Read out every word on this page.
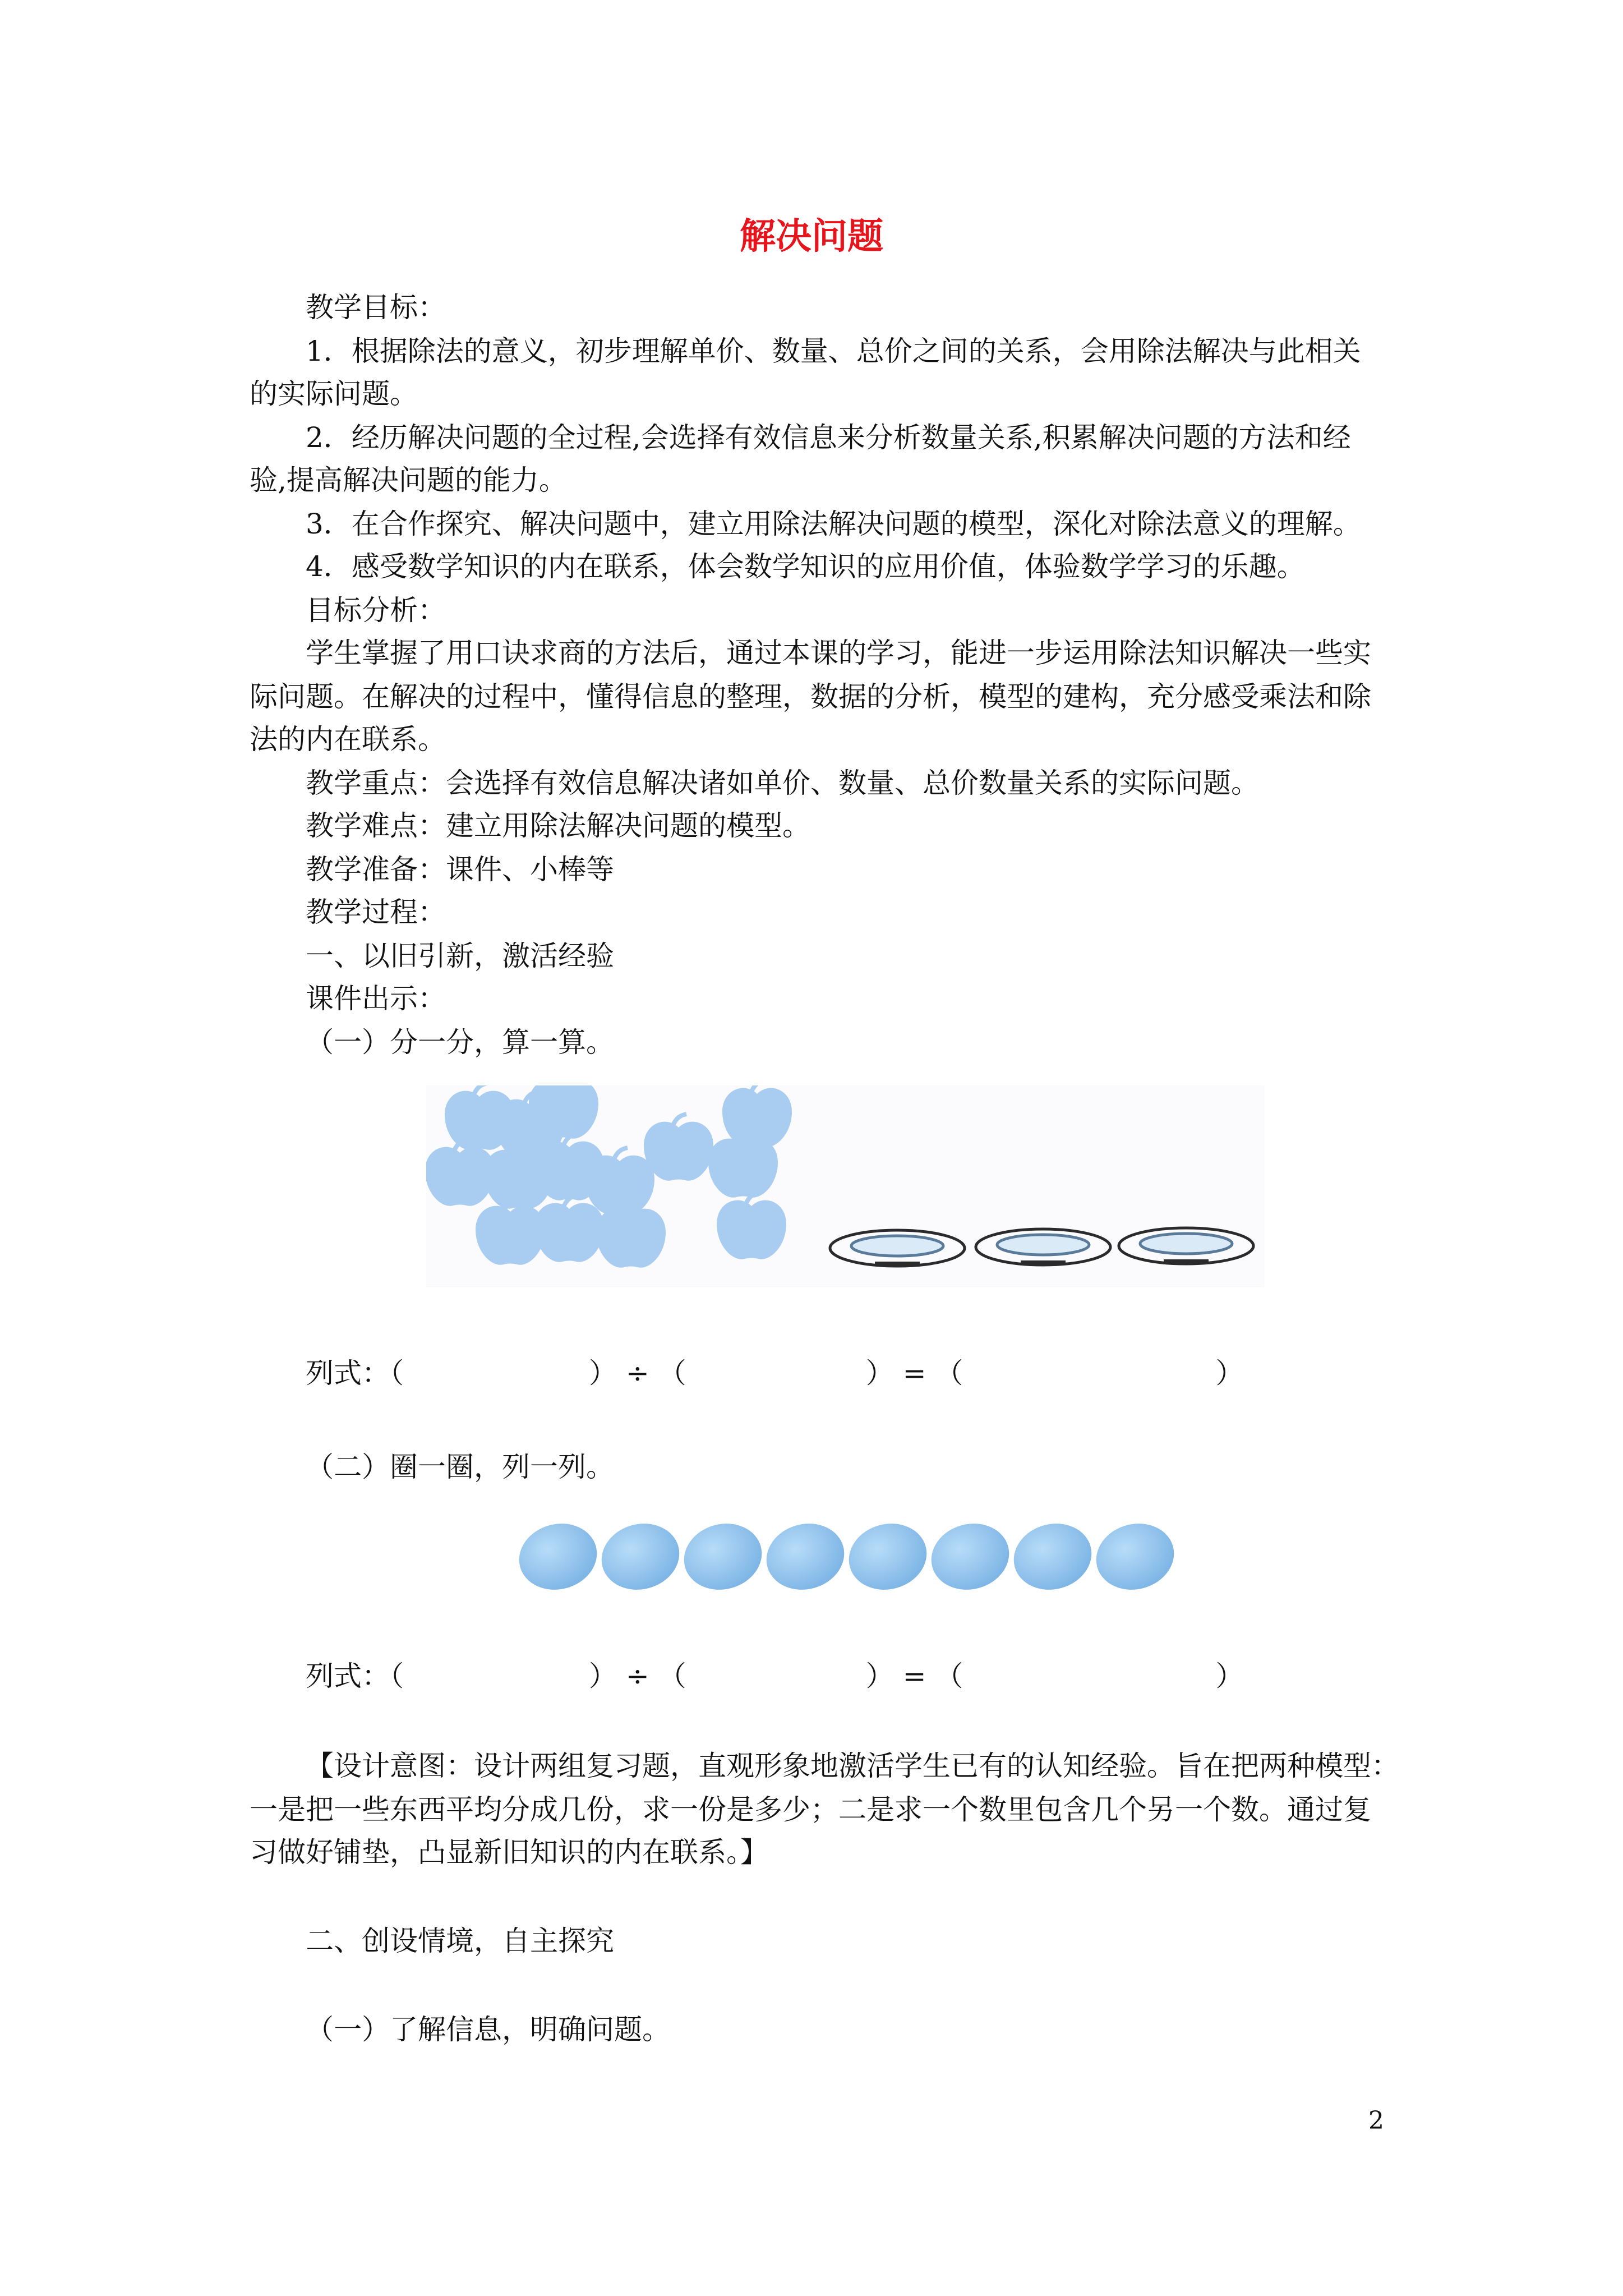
解决问题
教学目标：
1．根据除法的意义，初步理解单价、数量、总价之间的关系，会用除法解决与此相关
的实际问题。
2．经历解决问题的全过程,会选择有效信息来分析数量关系,积累解决问题的方法和经
验,提高解决问题的能力。
3．在合作探究、解决问题中，建立用除法解决问题的模型，深化对除法意义的理解。
4．感受数学知识的内在联系，体会数学知识的应用价值，体验数学学习的乐趣。
目标分析：
学生掌握了用口诀求商的方法后，通过本课的学习，能进一步运用除法知识解决一些实
际问题。在解决的过程中，懂得信息的整理，数据的分析，模型的建构，充分感受乘法和除
法的内在联系。
教学重点：会选择有效信息解决诸如单价、数量、总价数量关系的实际问题。
教学难点：建立用除法解决问题的模型。
教学准备：课件、小棒等
教学过程：
一、以旧引新，激活经验
课件出示：
（一）分一分，算一算。
列式：（	） ÷ （	） = （	）
（二）圈一圈，列一列。
列式：（	） ÷ （	） = （	）
【设计意图：设计两组复习题，直观形象地激活学生已有的认知经验。旨在把两种模型：
一是把一些东西平均分成几份，求一份是多少；二是求一个数里包含几个另一个数。通过复
习做好铺垫，凸显新旧知识的内在联系。】
二、创设情境，自主探究
（一）了解信息，明确问题。
2
